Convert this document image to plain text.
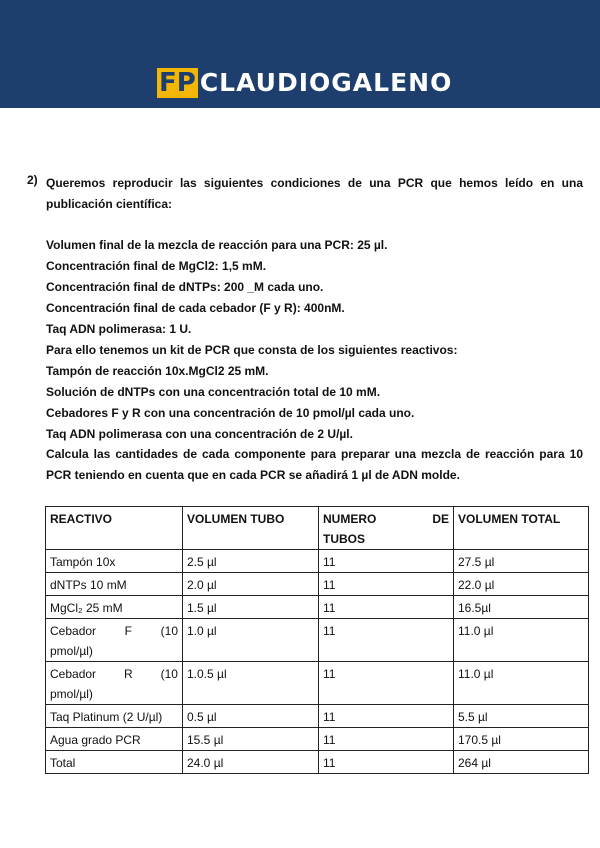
FP CLAUDIOGALENO
2) Queremos reproducir las siguientes condiciones de una PCR que hemos leído en una publicación científica:
Volumen final de la mezcla de reacción para una PCR: 25 µl.
Concentración final de MgCl2: 1,5 mM.
Concentración final de dNTPs: 200 _M cada uno.
Concentración final de cada cebador (F y R): 400nM.
Taq ADN polimerasa: 1 U.
Para ello tenemos un kit de PCR que consta de los siguientes reactivos:
Tampón de reacción 10x.MgCl2 25 mM.
Solución de dNTPs con una concentración total de 10 mM.
Cebadores F y R con una concentración de 10 pmol/µl cada uno.
Taq ADN polimerasa con una concentración de 2 U/µl.
Calcula las cantidades de cada componente para preparar una mezcla de reacción para 10 PCR teniendo en cuenta que en cada PCR se añadirá 1 µl de ADN molde.
REACTIVO	VOLUMEN TUBO	NUMERO DE
TUBOS	VOLUMEN TOTAL
Tampón 10x	2.5 µl	11	27.5 µl
dNTPs 10 mM	2.0 µl	11	22.0 µl
MgCl₂ 25 mM	1.5 µl	11	16.5µl

Cebador F (10
pmol/µl)	1.0 µl	11	11.0 µl

Cebador R (10
pmol/µl)	1.0.5 µl	11	11.0 µl
Taq Platinum (2 U/µl)	0.5 µl	11	5.5 µl
Agua grado PCR	15.5 µl	11	170.5 µl
Total	24.0 µl	11	264 µl
